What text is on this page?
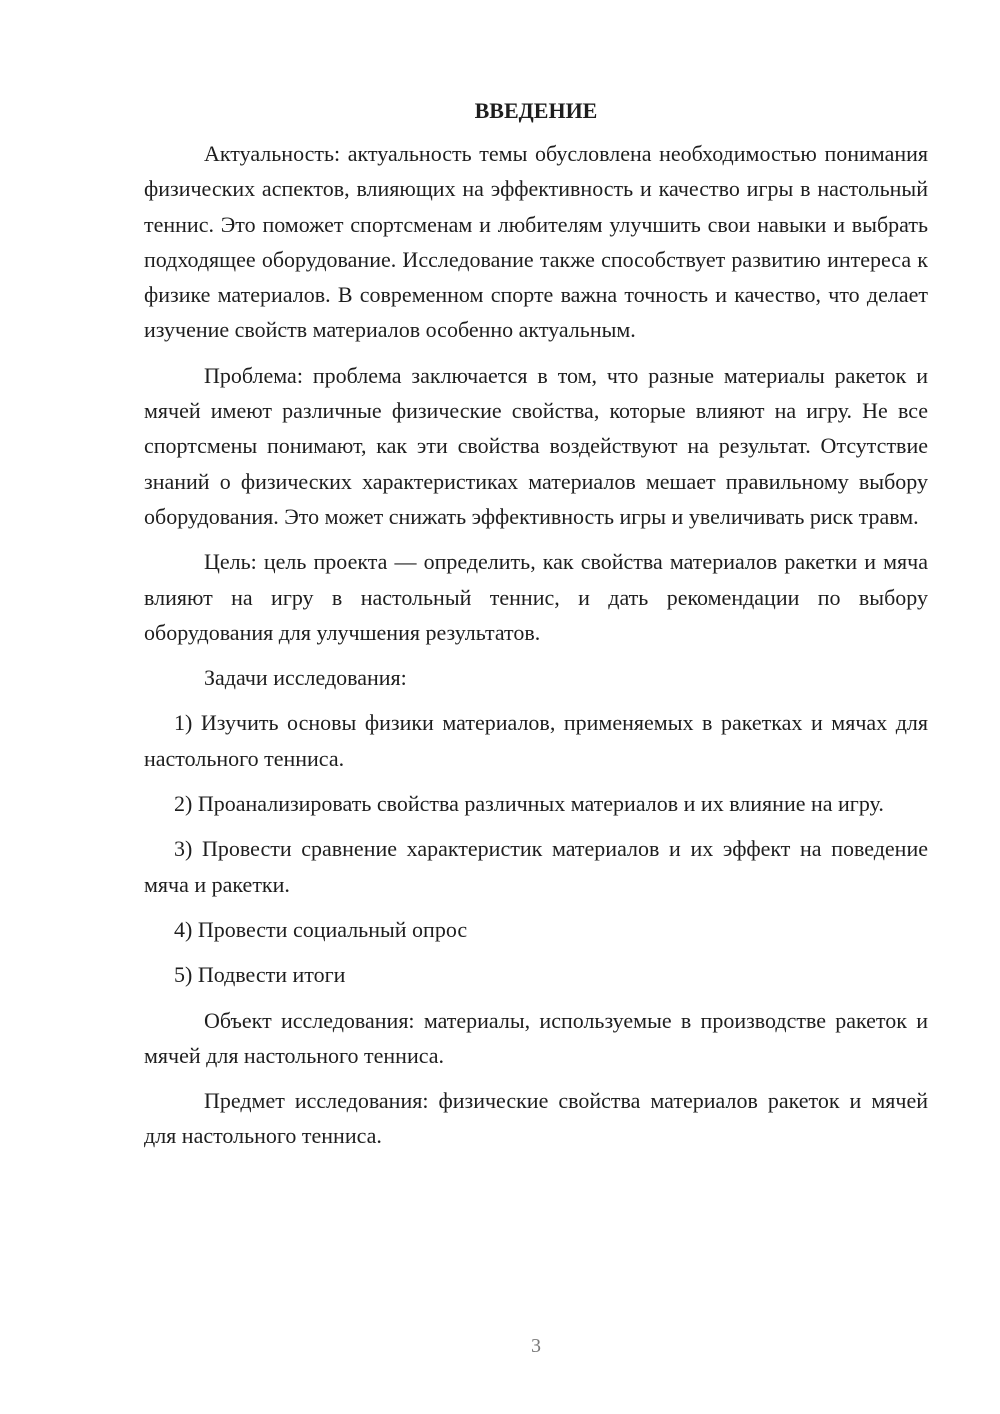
ВВЕДЕНИЕ

Актуальность: актуальность темы обусловлена необходимостью понимания физических аспектов, влияющих на эффективность и качество игры в настольный теннис. Это поможет спортсменам и любителям улучшить свои навыки и выбрать подходящее оборудование. Исследование также способствует развитию интереса к физике материалов. В современном спорте важна точность и качество, что делает изучение свойств материалов особенно актуальным.

Проблема: проблема заключается в том, что разные материалы ракеток и мячей имеют различные физические свойства, которые влияют на игру. Не все спортсмены понимают, как эти свойства воздействуют на результат. Отсутствие знаний о физических характеристиках материалов мешает правильному выбору оборудования. Это может снижать эффективность игры и увеличивать риск травм.

Цель: цель проекта — определить, как свойства материалов ракетки и мяча влияют на игру в настольный теннис, и дать рекомендации по выбору оборудования для улучшения результатов.

Задачи исследования:

1) Изучить основы физики материалов, применяемых в ракетках и мячах для настольного тенниса.

2) Проанализировать свойства различных материалов и их влияние на игру.

3) Провести сравнение характеристик материалов и их эффект на поведение мяча и ракетки.

4) Провести социальный опрос

5) Подвести итоги

Объект исследования: материалы, используемые в производстве ракеток и мячей для настольного тенниса.

Предмет исследования: физические свойства материалов ракеток и мячей для настольного тенниса.

3
